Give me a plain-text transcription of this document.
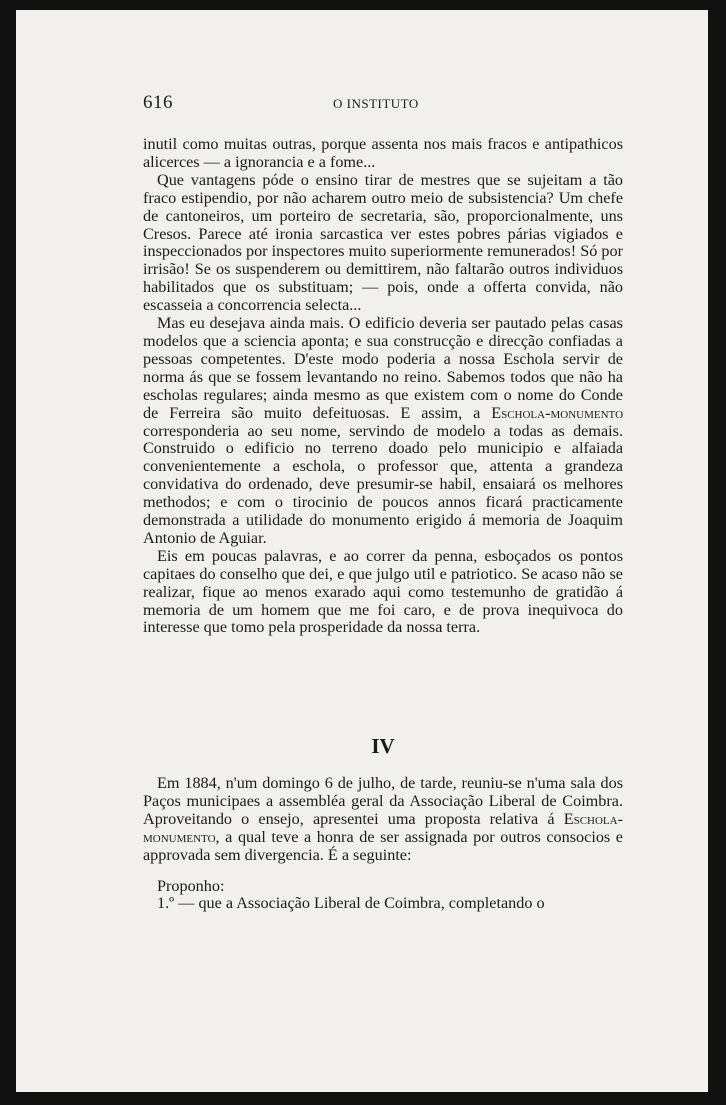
616	O INSTITUTO

inutil como muitas outras, porque assenta nos mais fracos e antipathicos alicerces — a ignorancia e a fome...

Que vantagens póde o ensino tirar de mestres que se sujeitam a tão fraco estipendio, por não acharem outro meio de subsistencia? Um chefe de cantoneiros, um porteiro de secretaria, são, proporcionalmente, uns Cresos. Parece até ironia sarcastica ver estes pobres párias vigiados e inspeccionados por inspectores muito superiormente remunerados! Só por irrisão! Se os suspenderem ou demittirem, não faltarão outros individuos habilitados que os substituam; — pois, onde a offerta convida, não escasseia a concorrencia selecta...

Mas eu desejava ainda mais. O edificio deveria ser pautado pelas casas modelos que a sciencia aponta; e sua construcção e direcção confiadas a pessoas competentes. D'este modo poderia a nossa Eschola servir de norma ás que se fossem levantando no reino. Sabemos todos que não ha escholas regulares; ainda mesmo as que existem com o nome do Conde de Ferreira são muito defeituosas. E assim, a Eschola-monumento corresponderia ao seu nome, servindo de modelo a todas as demais. Construido o edificio no terreno doado pelo municipio e alfaiada convenientemente a eschola, o professor que, attenta a grandeza convidativa do ordenado, deve presumir-se habil, ensaiará os melhores methodos; e com o tirocinio de poucos annos ficará practicamente demonstrada a utilidade do monumento erigido á memoria de Joaquim Antonio de Aguiar.

Eis em poucas palavras, e ao correr da penna, esboçados os pontos capitaes do conselho que dei, e que julgo util e patriotico. Se acaso não se realizar, fique ao menos exarado aqui como testemunho de gratidão á memoria de um homem que me foi caro, e de prova inequivoca do interesse que tomo pela prosperidade da nossa terra.

IV

Em 1884, n'um domingo 6 de julho, de tarde, reuniu-se n'uma sala dos Paços municipaes a assembléa geral da Associação Liberal de Coimbra. Aproveitando o ensejo, apresentei uma proposta relativa á Eschola-monumento, a qual teve a honra de ser assignada por outros consocios e approvada sem divergencia. É a seguinte:

Proponho:

1.º — que a Associação Liberal de Coimbra, completando o
